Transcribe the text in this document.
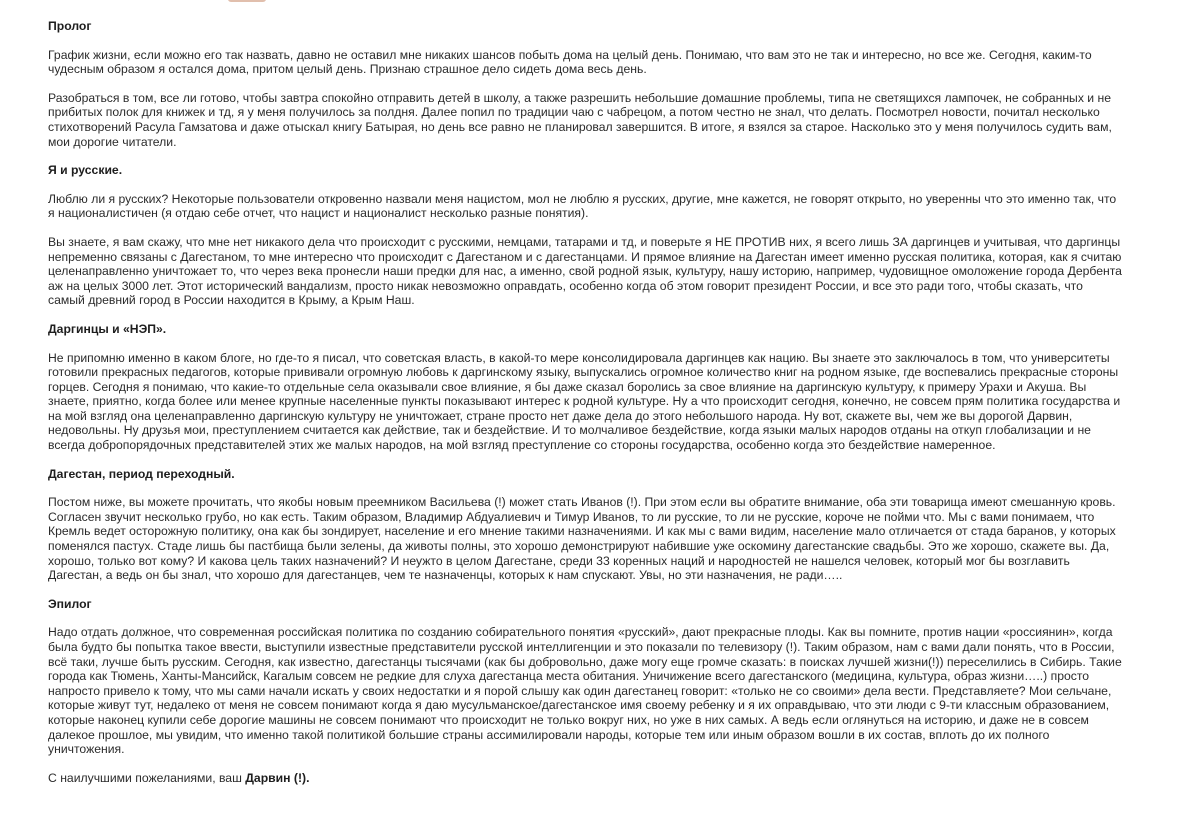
Пролог

График жизни, если можно его так назвать, давно не оставил мне никаких шансов побыть дома на целый день. Понимаю, что вам это не так и интересно, но все же. Сегодня, каким-то чудесным образом я остался дома, притом целый день. Признаю страшное дело сидеть дома весь день.

Разобраться в том, все ли готово, чтобы завтра спокойно отправить детей в школу, а также разрешить небольшие домашние проблемы, типа не светящихся лампочек, не собранных и не прибитых полок для книжек и тд, я у меня получилось за полдня. Далее попил по традиции чаю с чабрецом, а потом честно не знал, что делать. Посмотрел новости, почитал несколько стихотворений Расула Гамзатова и даже отыскал книгу Батырая, но день все равно не планировал завершится. В итоге, я взялся за старое. Насколько это у меня получилось судить вам, мои дорогие читатели.

Я и русские.

Люблю ли я русских? Некоторые пользователи откровенно назвали меня нацистом, мол не люблю я русских, другие, мне кажется, не говорят открыто, но уверенны что это именно так, что я националистичен (я отдаю себе отчет, что нацист и националист несколько разные понятия).

Вы знаете, я вам скажу, что мне нет никакого дела что происходит с русскими, немцами, татарами и тд, и поверьте я НЕ ПРОТИВ них, я всего лишь ЗА даргинцев и учитывая, что даргинцы непременно связаны с Дагестаном, то мне интересно что происходит с Дагестаном и с дагестанцами. И прямое влияние на Дагестан имеет именно русская политика, которая, как я считаю целенаправленно уничтожает то, что через века пронесли наши предки для нас, а именно, свой родной язык, культуру, нашу историю, например, чудовищное омоложение города Дербента аж на целых 3000 лет. Этот исторический вандализм, просто никак невозможно оправдать, особенно когда об этом говорит президент России, и все это ради того, чтобы сказать, что самый древний город в России находится в Крыму, а Крым Наш.

Даргинцы и «НЭП».

Не припомню именно в каком блоге, но где-то я писал, что советская власть, в какой-то мере консолидировала даргинцев как нацию. Вы знаете это заключалось в том, что университеты готовили прекрасных педагогов, которые прививали огромную любовь к даргинскому языку, выпускались огромное количество книг на родном языке, где воспевались прекрасные стороны горцев. Сегодня я понимаю, что какие-то отдельные села оказывали свое влияние, я бы даже сказал боролись за свое влияние на даргинскую культуру, к примеру Урахи и Акуша. Вы знаете, приятно, когда более или менее крупные населенные пункты показывают интерес к родной культуре. Ну а что происходит сегодня, конечно, не совсем прям политика государства и на мой взгляд она целенаправленно даргинскую культуру не уничтожает, стране просто нет даже дела до этого небольшого народа. Ну вот, скажете вы, чем же вы дорогой Дарвин, недовольны. Ну друзья мои, преступлением считается как действие, так и бездействие. И то молчаливое бездействие, когда языки малых народов отданы на откуп глобализации и не всегда добропорядочных представителей этих же малых народов, на мой взгляд преступление со стороны государства, особенно когда это бездействие намеренное.

Дагестан, период переходный.

Постом ниже, вы можете прочитать, что якобы новым преемником Васильева (!) может стать Иванов (!). При этом если вы обратите внимание, оба эти товарища имеют смешанную кровь. Согласен звучит несколько грубо, но как есть. Таким образом, Владимир Абдуалиевич и Тимур Иванов, то ли русские, то ли не русские, короче не пойми что. Мы с вами понимаем, что Кремль ведет осторожную политику, она как бы зондирует, население и его мнение такими назначениями. И как мы с вами видим, население мало отличается от стада баранов, у которых поменялся пастух. Стаде лишь бы пастбища были зелены, да животы полны, это хорошо демонстрируют набившие уже оскомину дагестанские свадьбы. Это же хорошо, скажете вы. Да, хорошо, только вот кому? И какова цель таких назначений? И неужто в целом Дагестане, среди 33 коренных наций и народностей не нашелся человек, который мог бы возглавить Дагестан, а ведь он бы знал, что хорошо для дагестанцев, чем те назначенцы, которых к нам спускают. Увы, но эти назначения, не ради…..

Эпилог

Надо отдать должное, что современная российская политика по созданию собирательного понятия «русский», дают прекрасные плоды. Как вы помните, против нации «россиянин», когда была будто бы попытка такое ввести, выступили известные представители русской интеллигенции и это показали по телевизору (!). Таким образом, нам с вами дали понять, что в России, всё таки, лучше быть русским. Сегодня, как известно, дагестанцы тысячами (как бы добровольно, даже могу еще громче сказать: в поисках лучшей жизни(!)) переселились в Сибирь. Такие города как Тюмень, Ханты-Мансийск, Кагалым совсем не редкие для слуха дагестанца места обитания. Уничижение всего дагестанского (медицина, культура, образ жизни…..) просто напросто привело к тому, что мы сами начали искать у своих недостатки и я порой слышу как один дагестанец говорит: «только не со своими» дела вести. Представляете? Мои сельчане, которые живут тут, недалеко от меня не совсем понимают когда я даю мусульманское/дагестанское имя своему ребенку и я их оправдываю, что эти люди с 9-ти классным образованием, которые наконец купили себе дорогие машины не совсем понимают что происходит не только вокруг них, но уже в них самых. А ведь если оглянуться на историю, и даже не в совсем далекое прошлое, мы увидим, что именно такой политикой большие страны ассимилировали народы, которые тем или иным образом вошли в их состав, вплоть до их полного уничтожения.

С наилучшими пожеланиями, ваш Дарвин (!).
